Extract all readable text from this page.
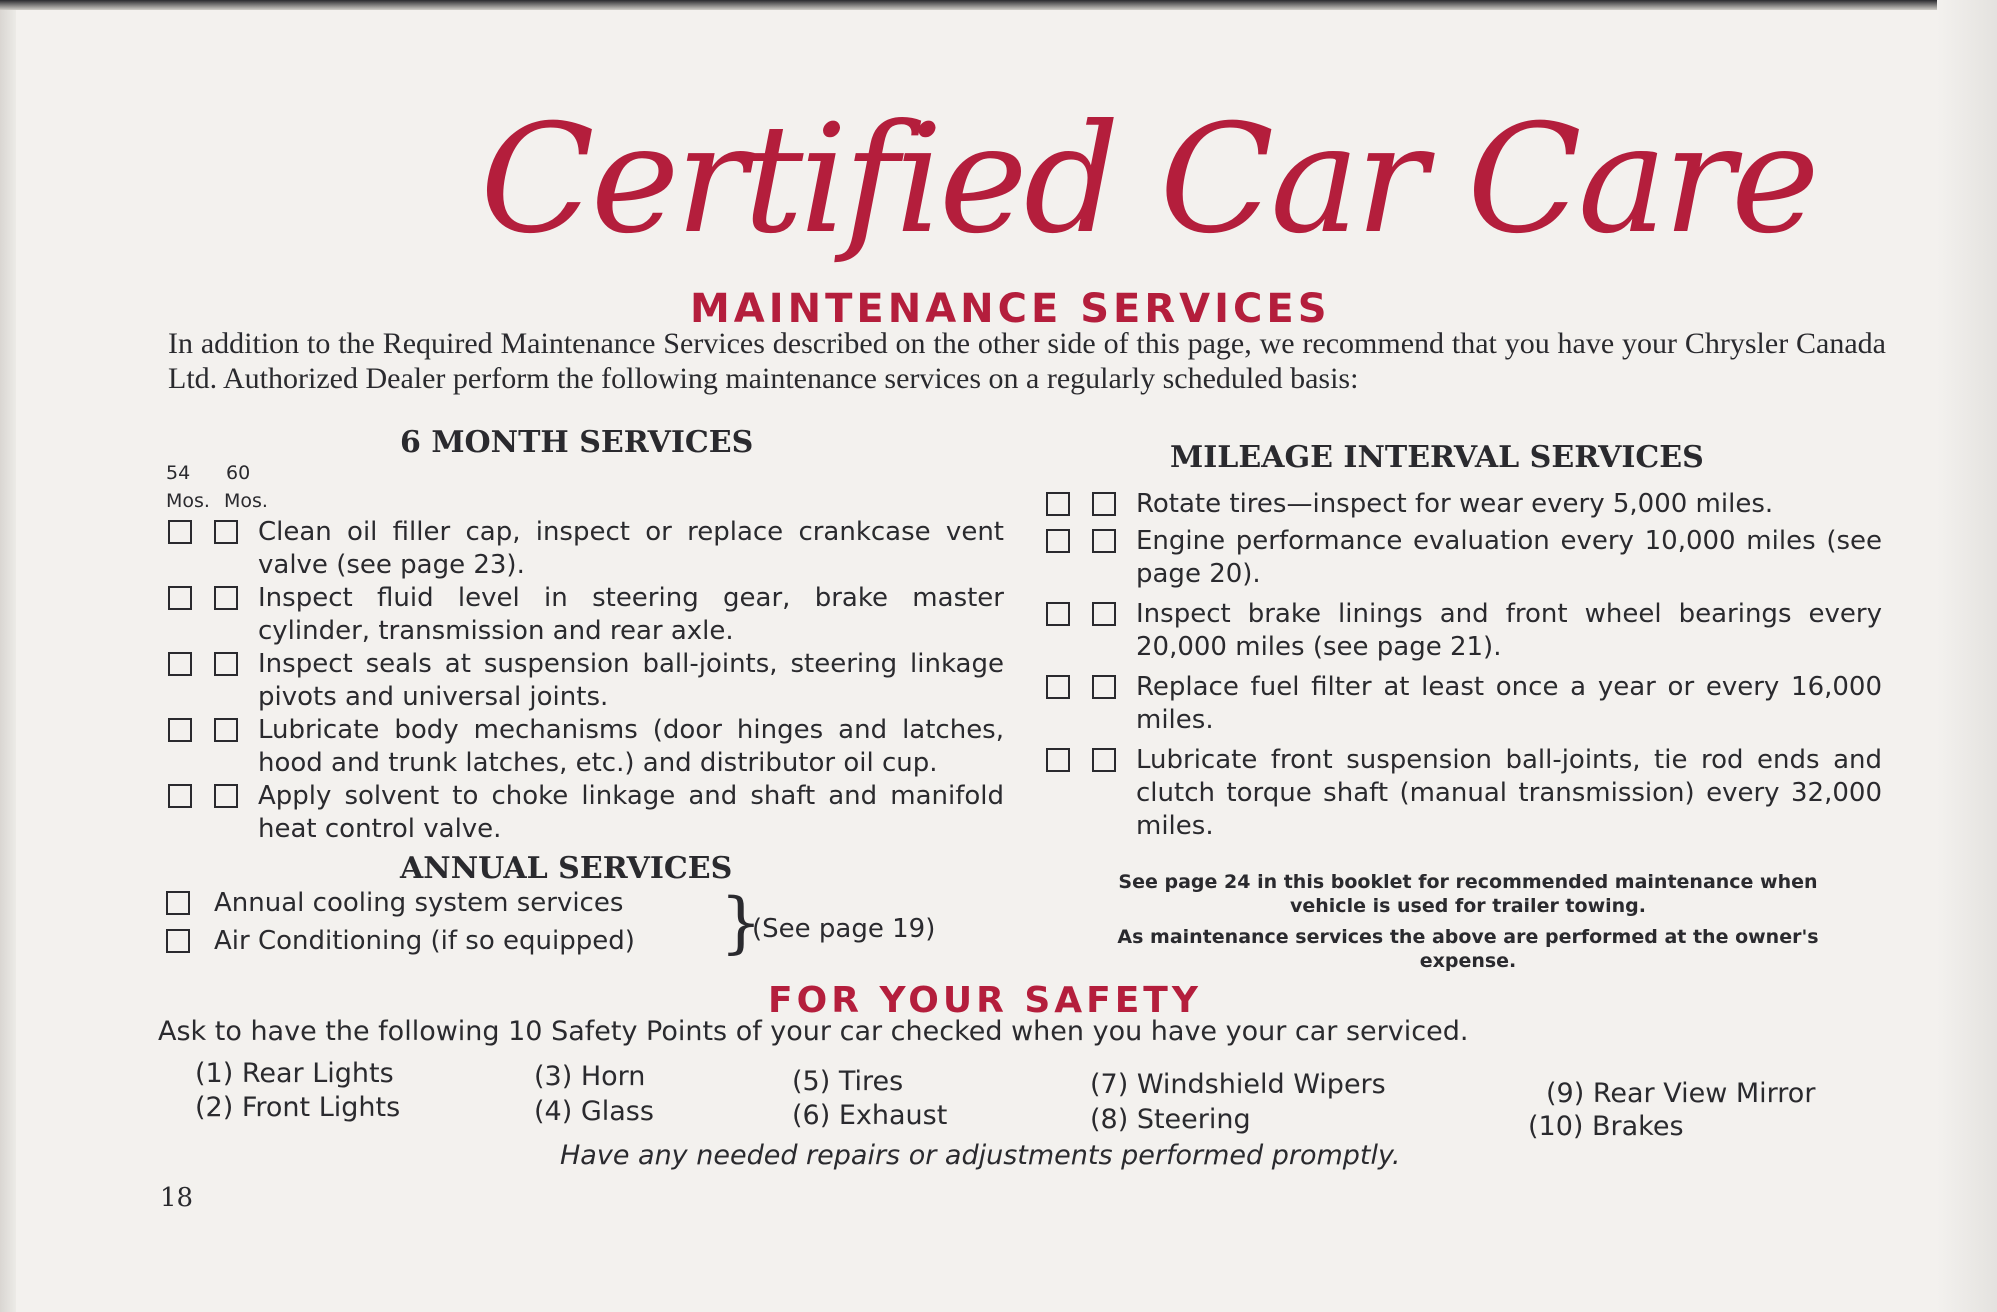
Certified Car Care
MAINTENANCE SERVICES
In addition to the Required Maintenance Services described on the other side of this page, we recommend that you have your Chrysler Canada Ltd. Authorized Dealer perform the following maintenance services on a regularly scheduled basis:
6 MONTH SERVICES
54 60
Mos. Mos.
Clean oil filler cap, inspect or replace crankcase vent valve (see page 23).
Inspect fluid level in steering gear, brake master cylinder, transmission and rear axle.
Inspect seals at suspension ball-joints, steering linkage pivots and universal joints.
Lubricate body mechanisms (door hinges and latches, hood and trunk latches, etc.) and distributor oil cup.
Apply solvent to choke linkage and shaft and manifold heat control valve.
ANNUAL SERVICES
Annual cooling system services
Air Conditioning (if so equipped) }
(See page 19)
MILEAGE INTERVAL SERVICES
Rotate tires—inspect for wear every 5,000 miles.
Engine performance evaluation every 10,000 miles (see page 20).
Inspect brake linings and front wheel bearings every 20,000 miles (see page 21).
Replace fuel filter at least once a year or every 16,000 miles.
Lubricate front suspension ball-joints, tie rod ends and clutch torque shaft (manual transmission) every 32,000 miles.
See page 24 in this booklet for recommended maintenance when vehicle is used for trailer towing.
As maintenance services the above are performed at the owner's expense.
FOR YOUR SAFETY
Ask to have the following 10 Safety Points of your car checked when you have your car serviced.
(1) Rear Lights
(2) Front Lights
(3) Horn
(4) Glass
(5) Tires
(6) Exhaust
(7) Windshield Wipers
(8) Steering
(9) Rear View Mirror
(10) Brakes
Have any needed repairs or adjustments performed promptly.
18
